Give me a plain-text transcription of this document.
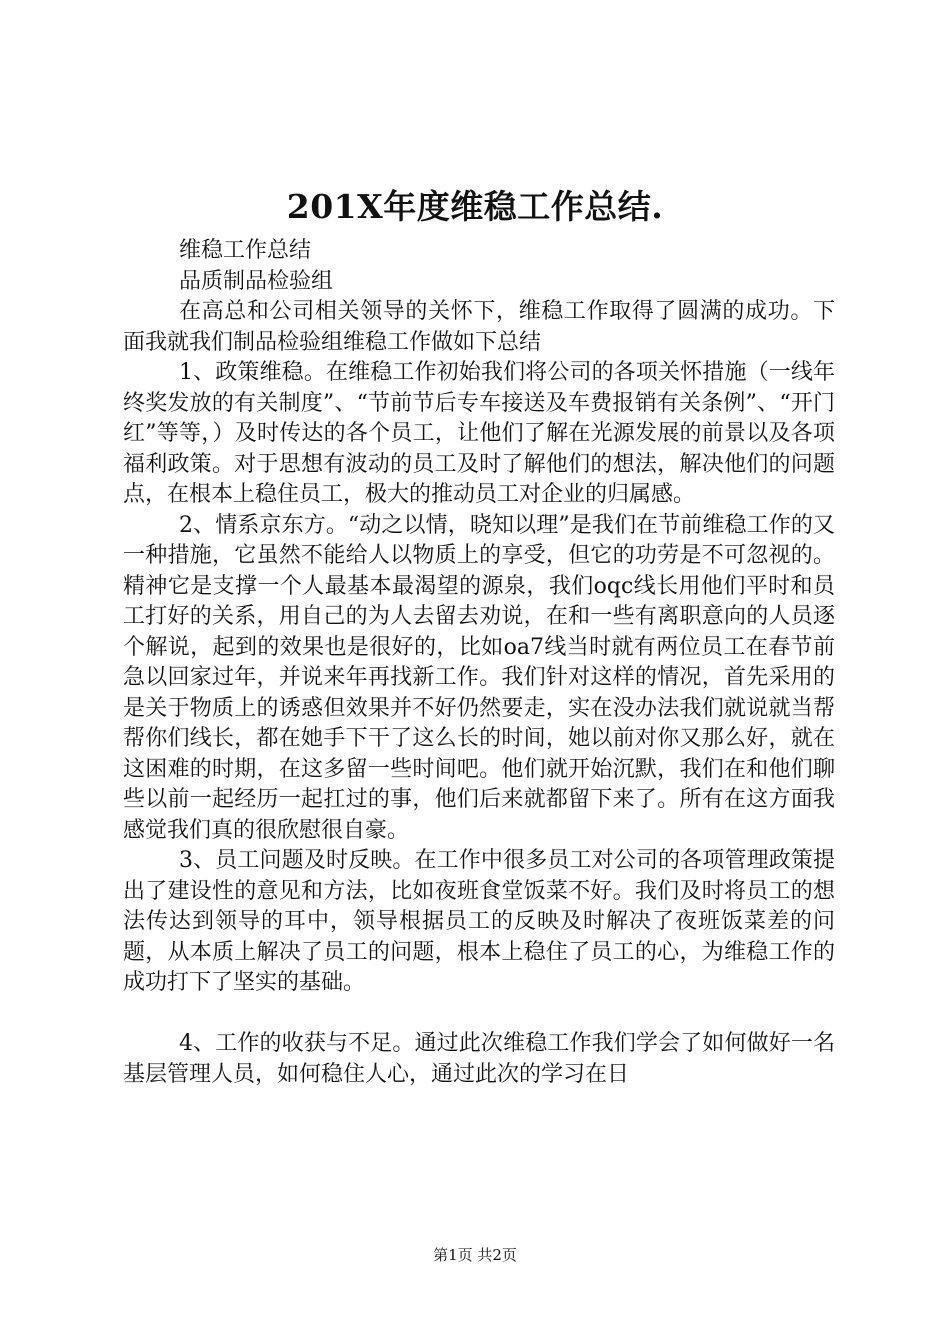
201X年度维稳工作总结.

维稳工作总结

品质制品检验组

在高总和公司相关领导的关怀下，维稳工作取得了圆满的成功。下面我就我们制品检验组维稳工作做如下总结

1、政策维稳。在维稳工作初始我们将公司的各项关怀措施（一线年终奖发放的有关制度”、“节前节后专车接送及车费报销有关条例”、“开门红”等等，）及时传达的各个员工，让他们了解在光源发展的前景以及各项福利政策。对于思想有波动的员工及时了解他们的想法，解决他们的问题点，在根本上稳住员工，极大的推动员工对企业的归属感。

2、情系京东方。“动之以情，晓知以理”是我们在节前维稳工作的又一种措施，它虽然不能给人以物质上的享受，但它的功劳是不可忽视的。精神它是支撑一个人最基本最渴望的源泉，我们oqc线长用他们平时和员工打好的关系，用自己的为人去留去劝说，在和一些有离职意向的人员逐个解说，起到的效果也是很好的，比如oa7线当时就有两位员工在春节前急以回家过年，并说来年再找新工作。我们针对这样的情况，首先采用的是关于物质上的诱惑但效果并不好仍然要走，实在没办法我们就说就当帮帮你们线长，都在她手下干了这么长的时间，她以前对你又那么好，就在这困难的时期，在这多留一些时间吧。他们就开始沉默，我们在和他们聊些以前一起经历一起扛过的事，他们后来就都留下来了。所有在这方面我感觉我们真的很欣慰很自豪。

3、员工问题及时反映。在工作中很多员工对公司的各项管理政策提出了建设性的意见和方法，比如夜班食堂饭菜不好。我们及时将员工的想法传达到领导的耳中，领导根据员工的反映及时解决了夜班饭菜差的问题，从本质上解决了员工的问题，根本上稳住了员工的心，为维稳工作的成功打下了坚实的基础。

4、工作的收获与不足。通过此次维稳工作我们学会了如何做好一名基层管理人员，如何稳住人心，通过此次的学习在日

第1页 共2页
